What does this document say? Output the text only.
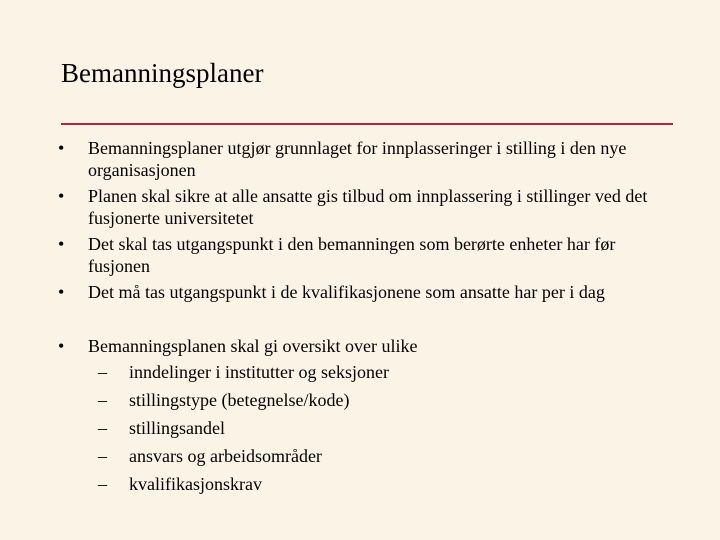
Bemanningsplaner
•	Bemanningsplaner utgjør grunnlaget for innplasseringer i stilling i den nye organisasjonen
•	Planen skal sikre at alle ansatte gis tilbud om innplassering i stillinger ved det fusjonerte universitetet
•	Det skal tas utgangspunkt i den bemanningen som berørte enheter har før fusjonen
•	Det må tas utgangspunkt i de kvalifikasjonene som ansatte har per i dag
•	Bemanningsplanen skal gi oversikt over ulike
– inndelinger i institutter og seksjoner
– stillingstype (betegnelse/kode)
– stillingsandel
– ansvars og arbeidsområder
– kvalifikasjonskrav
